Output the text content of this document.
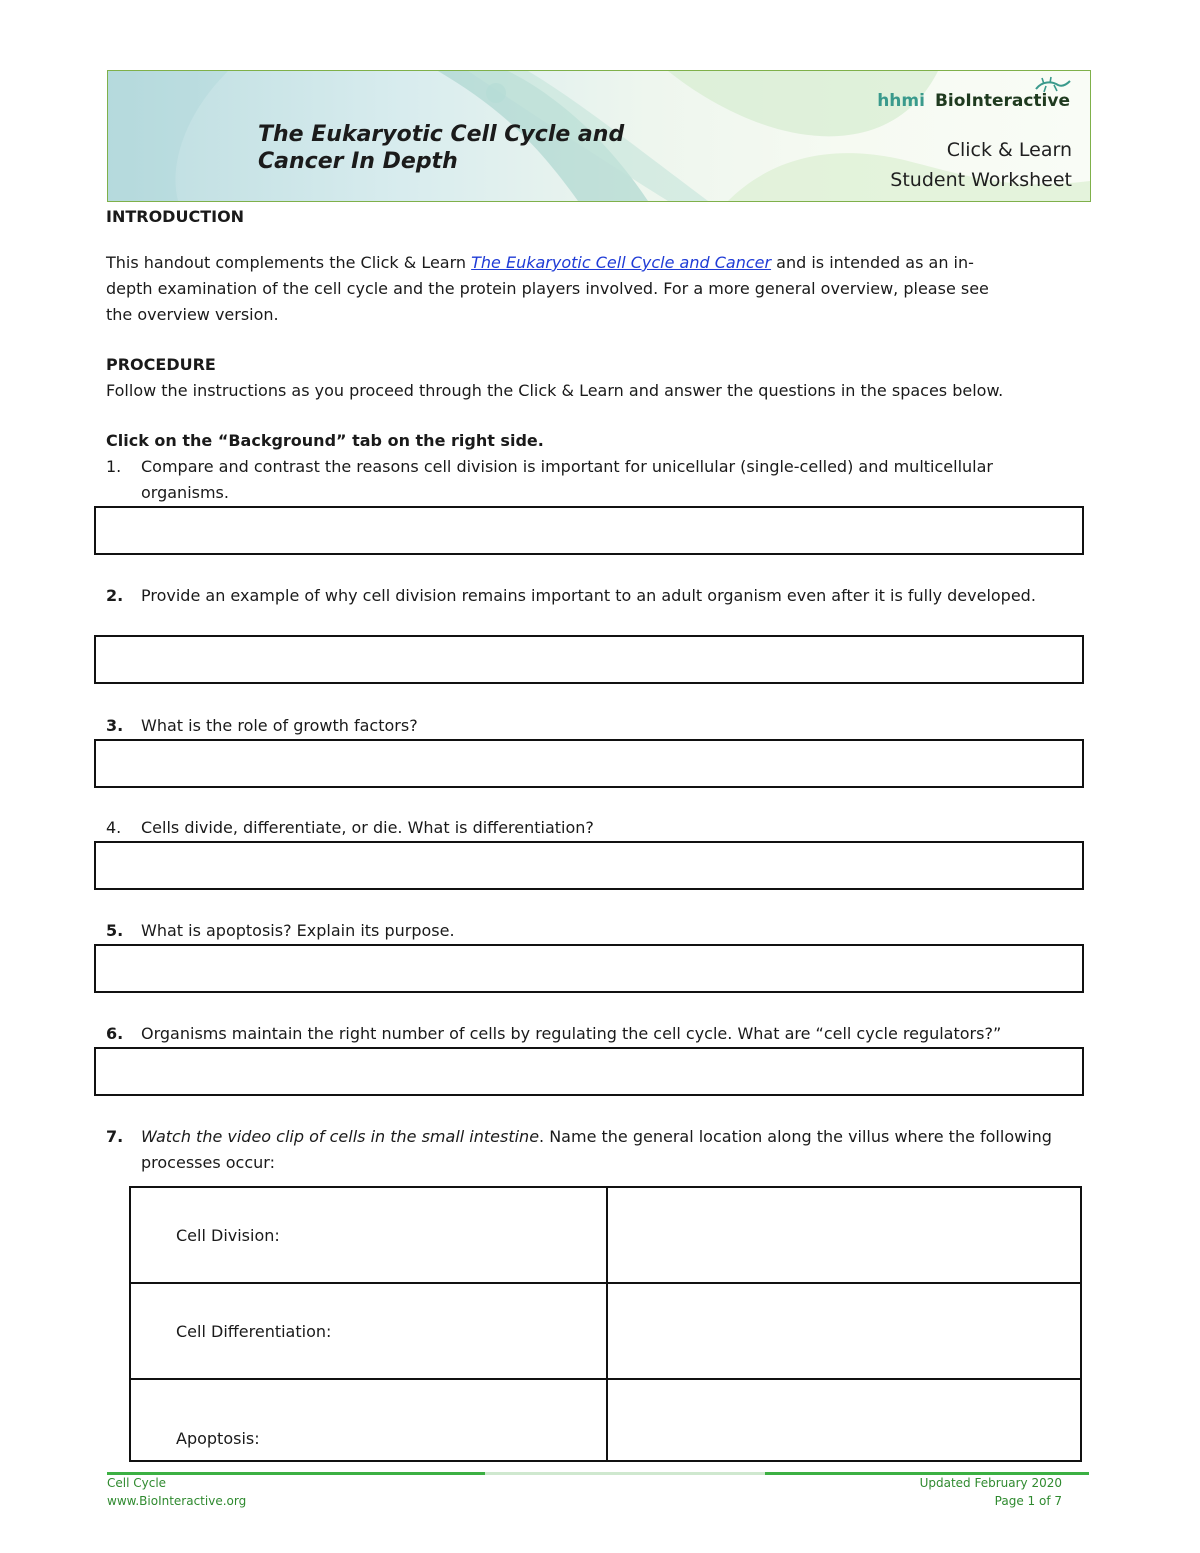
The Eukaryotic Cell Cycle and Cancer In Depth
hhmi BioInteractive
Click & Learn
Student Worksheet

INTRODUCTION

This handout complements the Click & Learn The Eukaryotic Cell Cycle and Cancer and is intended as an in-

depth examination of the cell cycle and the protein players involved. For a more general overview, please see

the overview version.

PROCEDURE

Follow the instructions as you proceed through the Click & Learn and answer the questions in the spaces below.

Click on the “Background” tab on the right side.

1. Compare and contrast the reasons cell division is important for unicellular (single-celled) and multicellular organisms.
2. Provide an example of why cell division remains important to an adult organism even after it is fully developed.
3. What is the role of growth factors?
4. Cells divide, differentiate, or die. What is differentiation?
5. What is apoptosis? Explain its purpose.
6. Organisms maintain the right number of cells by regulating the cell cycle. What are “cell cycle regulators?”
7. Watch the video clip of cells in the small intestine. Name the general location along the villus where the following processes occur:
Cell Division:	
Cell Differentiation:	
Apoptosis:	
Cell Cycle
www.BioInteractive.org
Updated February 2020
Page 1 of 7
